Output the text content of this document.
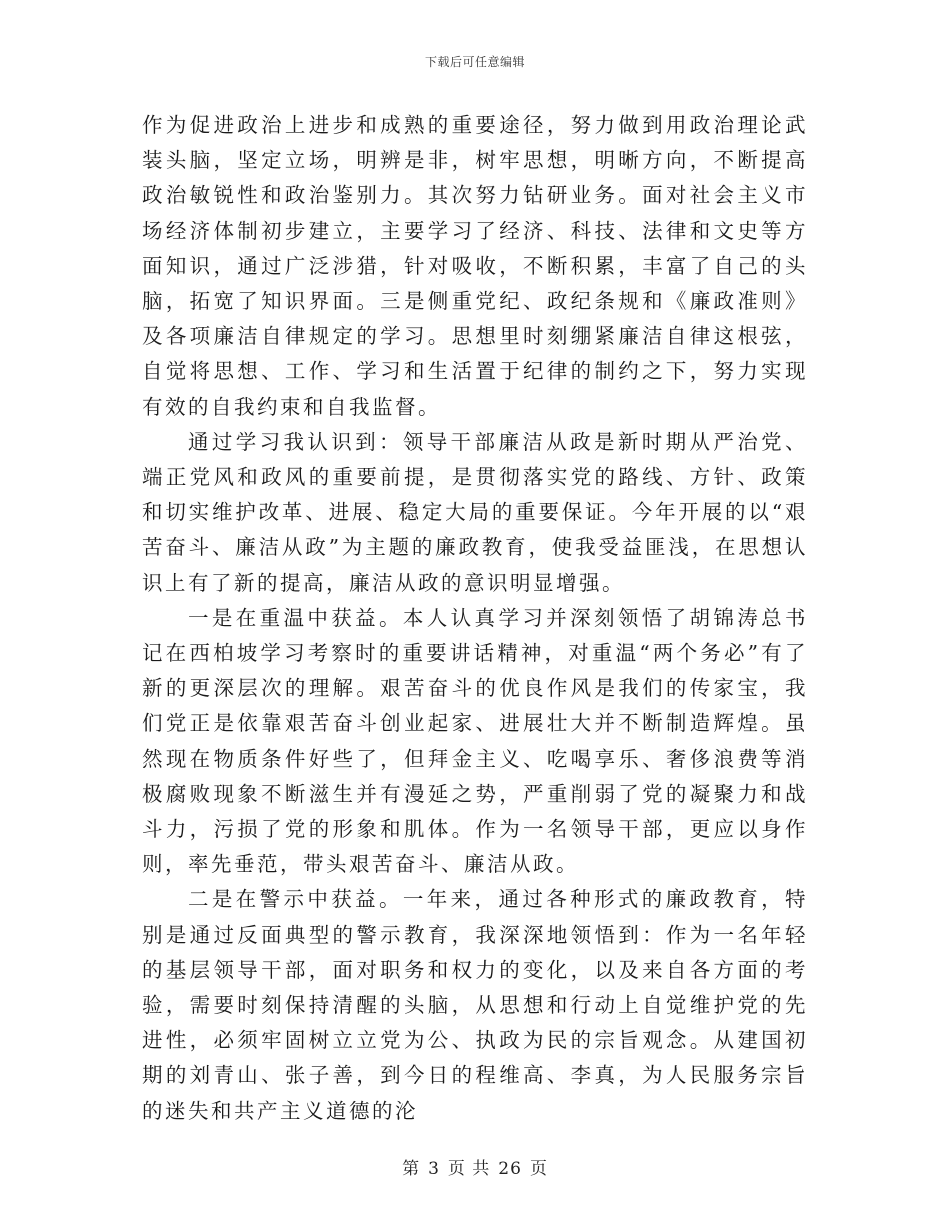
下载后可任意编辑

作为促进政治上进步和成熟的重要途径，努力做到用政治理论武装头脑，坚定立场，明辨是非，树牢思想，明晰方向，不断提高政治敏锐性和政治鉴别力。其次努力钻研业务。面对社会主义市场经济体制初步建立，主要学习了经济、科技、法律和文史等方面知识，通过广泛涉猎，针对吸收，不断积累，丰富了自己的头脑，拓宽了知识界面。三是侧重党纪、政纪条规和《廉政准则》及各项廉洁自律规定的学习。思想里时刻绷紧廉洁自律这根弦，自觉将思想、工作、学习和生活置于纪律的制约之下，努力实现有效的自我约束和自我监督。

通过学习我认识到：领导干部廉洁从政是新时期从严治党、端正党风和政风的重要前提，是贯彻落实党的路线、方针、政策和切实维护改革、进展、稳定大局的重要保证。今年开展的以“艰苦奋斗、廉洁从政”为主题的廉政教育，使我受益匪浅，在思想认识上有了新的提高，廉洁从政的意识明显增强。

一是在重温中获益。本人认真学习并深刻领悟了胡锦涛总书记在西柏坡学习考察时的重要讲话精神，对重温“两个务必”有了新的更深层次的理解。艰苦奋斗的优良作风是我们的传家宝，我们党正是依靠艰苦奋斗创业起家、进展壮大并不断制造辉煌。虽然现在物质条件好些了，但拜金主义、吃喝享乐、奢侈浪费等消极腐败现象不断滋生并有漫延之势，严重削弱了党的凝聚力和战斗力，污损了党的形象和肌体。作为一名领导干部，更应以身作则，率先垂范，带头艰苦奋斗、廉洁从政。

二是在警示中获益。一年来，通过各种形式的廉政教育，特别是通过反面典型的警示教育，我深深地领悟到：作为一名年轻的基层领导干部，面对职务和权力的变化，以及来自各方面的考验，需要时刻保持清醒的头脑，从思想和行动上自觉维护党的先进性，必须牢固树立立党为公、执政为民的宗旨观念。从建国初期的刘青山、张子善，到今日的程维高、李真，为人民服务宗旨的迷失和共产主义道德的沦

第 3 页 共 26 页
